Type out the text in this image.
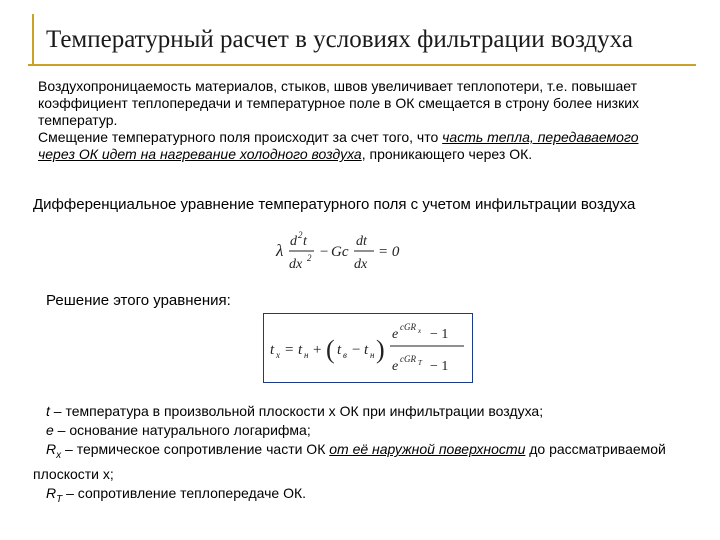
Температурный расчет в условиях фильтрации воздуха
Воздухопроницаемость материалов, стыков, швов увеличивает теплопотери, т.е. повышает коэффициент теплопередачи и температурное поле в ОК смещается в строну более низких температур.
Смещение температурного поля происходит за счет того, что часть тепла, передаваемого через ОК идет на нагревание холодного воздуха, проникающего через ОК.
Дифференциальное уравнение температурного поля с учетом инфильтрации воздуха
λ d 2 t
dx 2 − Gc
dt
dx
= 0
Решение этого уравнения:
t x = t н + ( t в − t н )
e cGR x − 1
e cGR T − 1
t – температура в произвольной плоскости x ОК при инфильтрации воздуха;
e – основание натурального логарифма;
$R_x$ – термическое сопротивление части ОК от её наружной поверхности до рассматриваемой плоскости x;
$R_T$ – сопротивление теплопередаче ОК.
